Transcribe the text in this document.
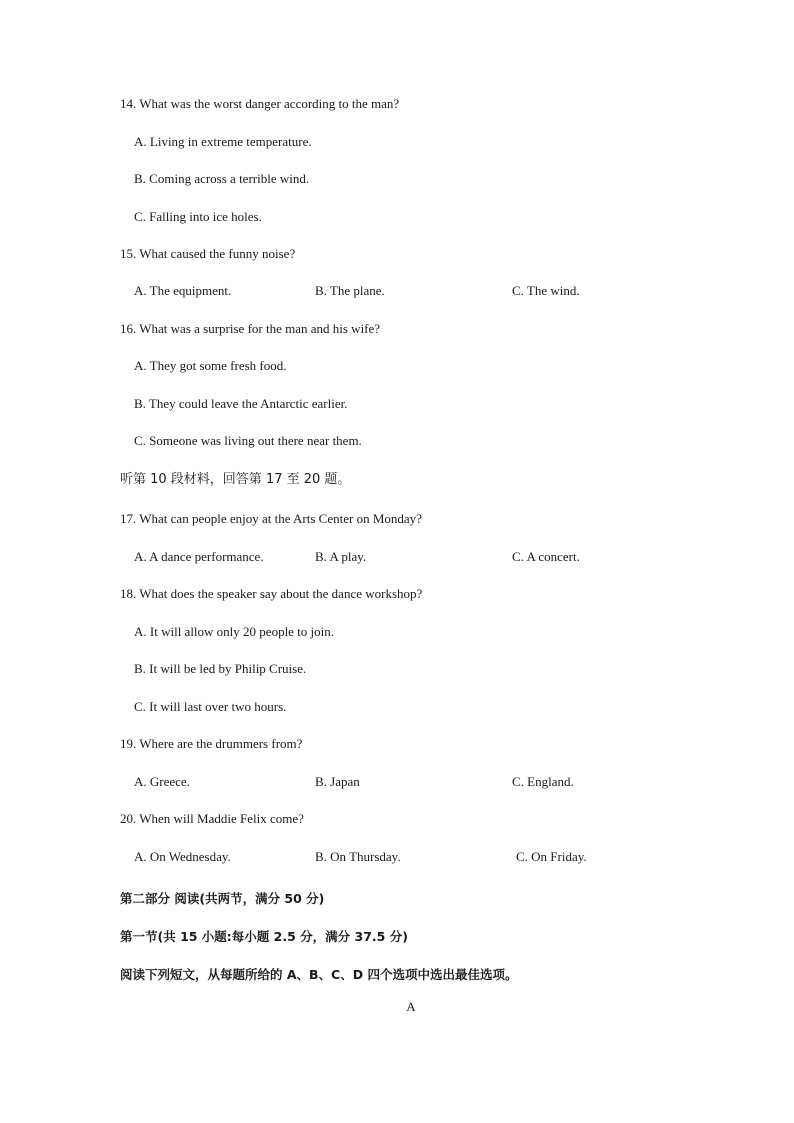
14. What was the worst danger according to the man?
A. Living in extreme temperature.
B. Coming across a terrible wind.
C. Falling into ice holes.
15. What caused the funny noise?
A. The equipment.	B. The plane.	C. The wind.
16. What was a surprise for the man and his wife?
A. They got some fresh food.
B. They could leave the Antarctic earlier.
C. Someone was living out there near them.
听第 10 段材料，回答第 17 至 20 题。
17. What can people enjoy at the Arts Center on Monday?
A. A dance performance.	B. A play.	C. A concert.
18. What does the speaker say about the dance workshop?
A. It will allow only 20 people to join.
B. It will be led by Philip Cruise.
C. It will last over two hours.
19. Where are the drummers from?
A. Greece.	B. Japan	C. England.
20. When will Maddie Felix come?
A. On Wednesday.	B. On Thursday.	C. On Friday.
第二部分 阅读(共两节，满分 50 分)
第一节(共 15 小题:每小题 2.5 分，满分 37.5 分)
阅读下列短文，从每题所给的 A、B、C、D 四个选项中选出最佳选项。
A
